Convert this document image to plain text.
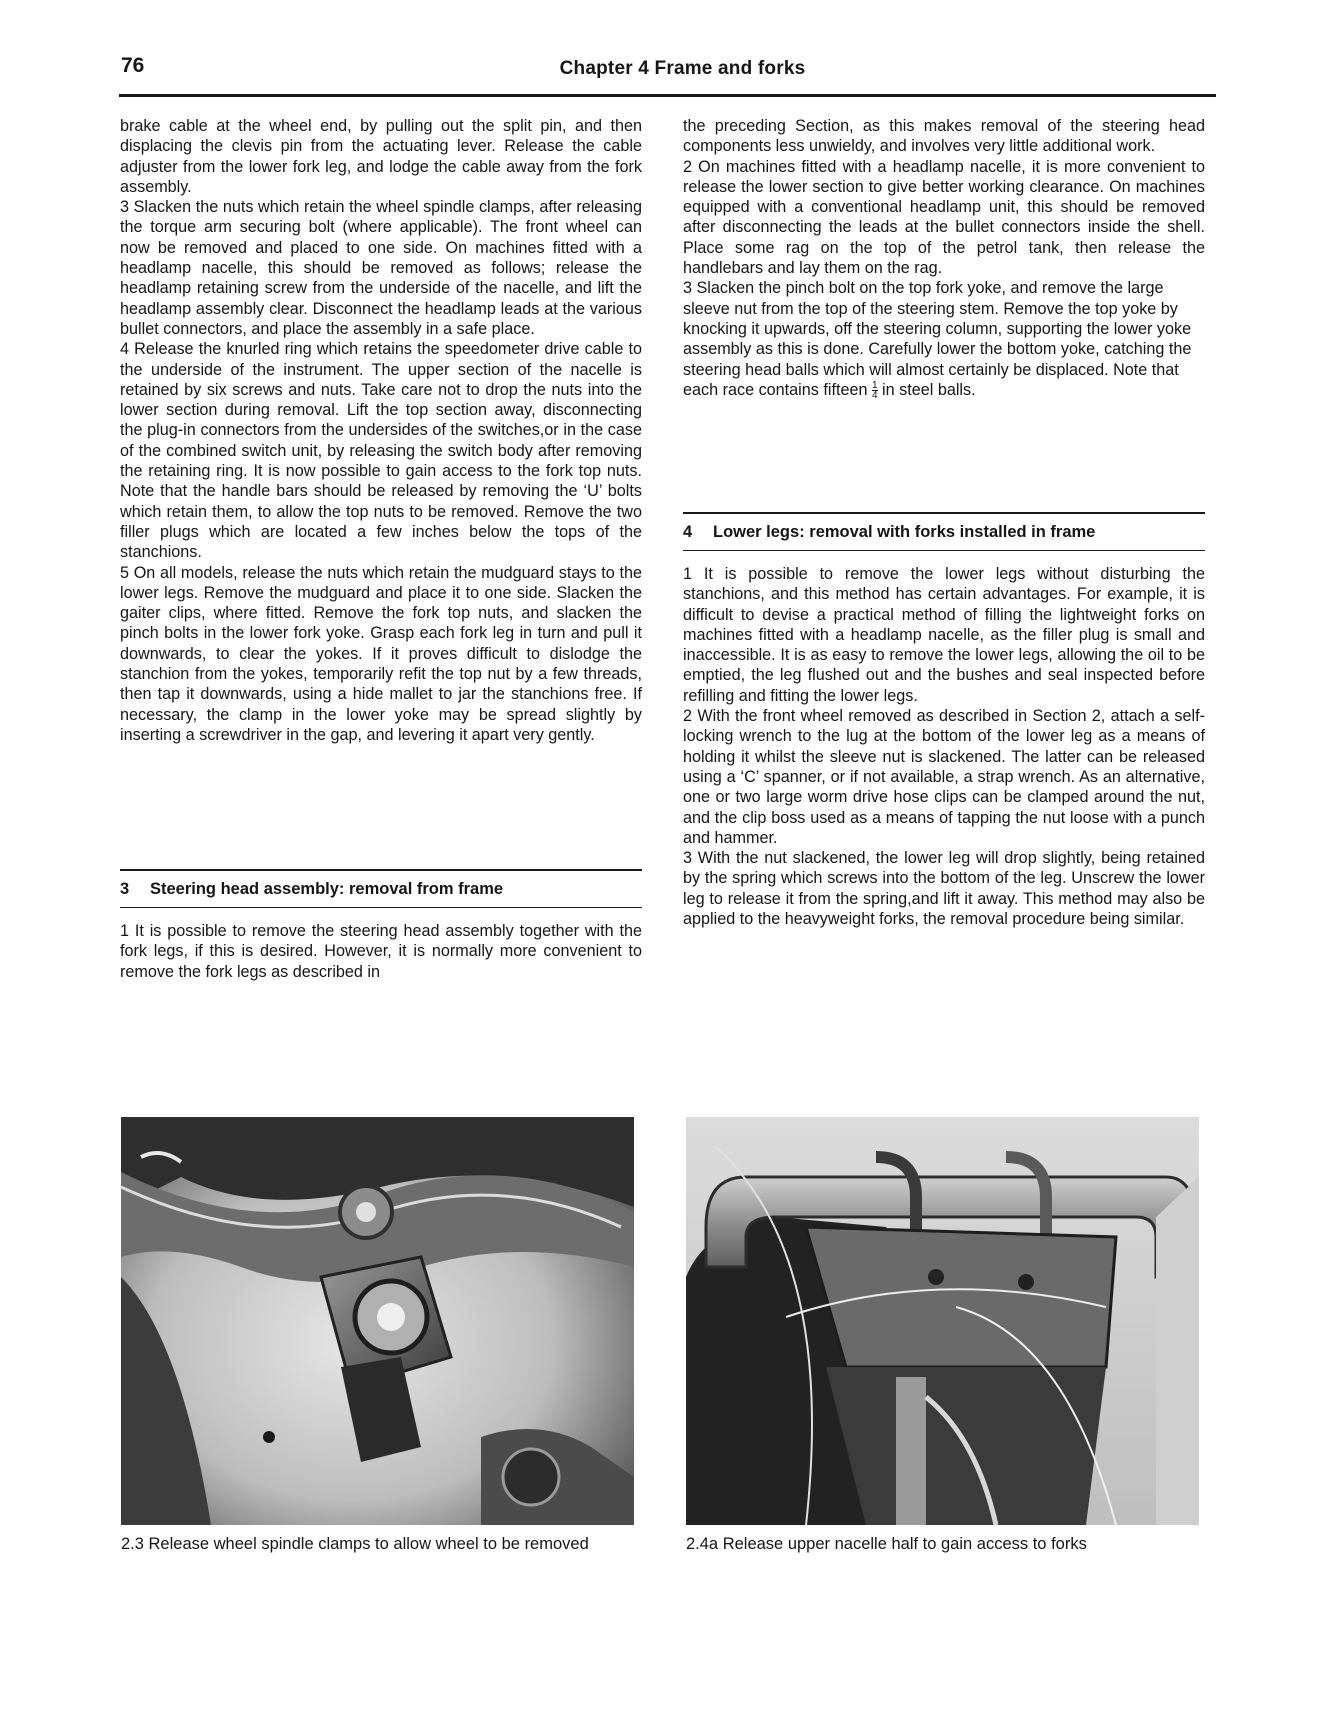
76	Chapter 4 Frame and forks

brake cable at the wheel end, by pulling out the split pin, and then displacing the clevis pin from the actuating lever. Release the cable adjuster from the lower fork leg, and lodge the cable away from the fork assembly.

3 Slacken the nuts which retain the wheel spindle clamps, after releasing the torque arm securing bolt (where applicable). The front wheel can now be removed and placed to one side. On machines fitted with a headlamp nacelle, this should be removed as follows; release the headlamp retaining screw from the underside of the nacelle, and lift the headlamp assembly clear. Disconnect the headlamp leads at the various bullet connectors, and place the assembly in a safe place.

4 Release the knurled ring which retains the speedometer drive cable to the underside of the instrument. The upper section of the nacelle is retained by six screws and nuts. Take care not to drop the nuts into the lower section during removal. Lift the top section away, disconnecting the plug-in connectors from the undersides of the switches,or in the case of the combined switch unit, by releasing the switch body after removing the retaining ring. It is now possible to gain access to the fork top nuts. Note that the handle bars should be released by removing the ‘U’ bolts which retain them, to allow the top nuts to be removed. Remove the two filler plugs which are located a few inches below the tops of the stanchions.

5 On all models, release the nuts which retain the mudguard stays to the lower legs. Remove the mudguard and place it to one side. Slacken the gaiter clips, where fitted. Remove the fork top nuts, and slacken the pinch bolts in the lower fork yoke. Grasp each fork leg in turn and pull it downwards, to clear the yokes. If it proves difficult to dislodge the stanchion from the yokes, temporarily refit the top nut by a few threads, then tap it downwards, using a hide mallet to jar the stanchions free. If necessary, the clamp in the lower yoke may be spread slightly by inserting a screwdriver in the gap, and levering it apart very gently.

3	Steering head assembly: removal from frame

1 It is possible to remove the steering head assembly together with the fork legs, if this is desired. However, it is normally more convenient to remove the fork legs as described in

the preceding Section, as this makes removal of the steering head components less unwieldy, and involves very little additional work.

2 On machines fitted with a headlamp nacelle, it is more convenient to release the lower section to give better working clearance. On machines equipped with a conventional headlamp unit, this should be removed after disconnecting the leads at the bullet connectors inside the shell. Place some rag on the top of the petrol tank, then release the handlebars and lay them on the rag.

3 Slacken the pinch bolt on the top fork yoke, and remove the large sleeve nut from the top of the steering stem. Remove the top yoke by knocking it upwards, off the steering column, supporting the lower yoke assembly as this is done. Carefully lower the bottom yoke, catching the steering head balls which will almost certainly be displaced. Note that each race contains fifteen $\frac{1}{4}$ in steel balls.

4	Lower legs: removal with forks installed in frame

1 It is possible to remove the lower legs without disturbing the stanchions, and this method has certain advantages. For example, it is difficult to devise a practical method of filling the lightweight forks on machines fitted with a headlamp nacelle, as the filler plug is small and inaccessible. It is as easy to remove the lower legs, allowing the oil to be emptied, the leg flushed out and the bushes and seal inspected before refilling and fitting the lower legs.

2 With the front wheel removed as described in Section 2, attach a self-locking wrench to the lug at the bottom of the lower leg as a means of holding it whilst the sleeve nut is slackened. The latter can be released using a ‘C’ spanner, or if not available, a strap wrench. As an alternative, one or two large worm drive hose clips can be clamped around the nut, and the clip boss used as a means of tapping the nut loose with a punch and hammer.

3 With the nut slackened, the lower leg will drop slightly, being retained by the spring which screws into the bottom of the leg. Unscrew the lower leg to release it from the spring,and lift it away. This method may also be applied to the heavyweight forks, the removal procedure being similar.

2.3 Release wheel spindle clamps to allow wheel to be removed	2.4a Release upper nacelle half to gain access to forks
